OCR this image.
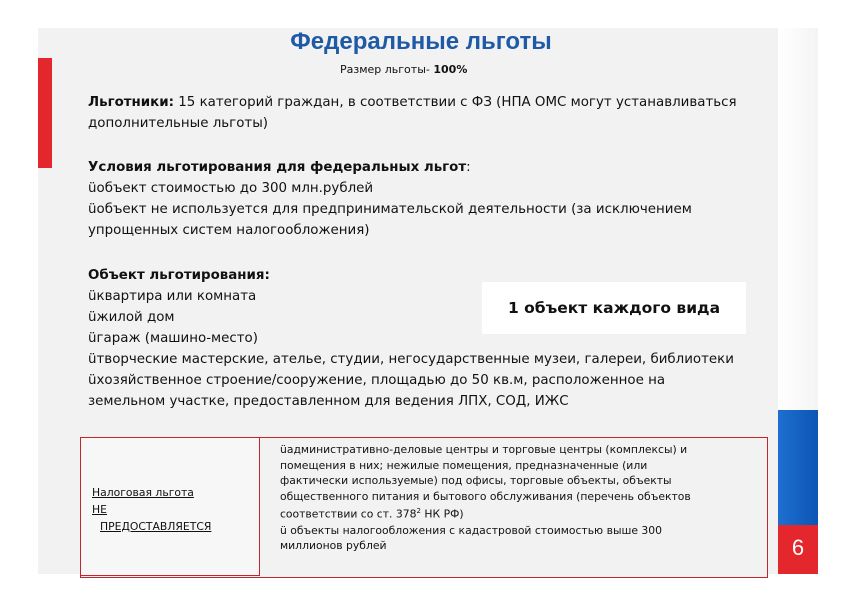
6
Федеральные льготы
Размер льготы- 100%
Льготники: 15 категорий граждан, в соответствии с ФЗ (НПА ОМС могут устанавливаться
дополнительные льготы)
Условия льготирования для федеральных льгот:
üобъект стоимостью до 300 млн.рублей
üобъект не используется для предпринимательской деятельности (за исключением
упрощенных систем налогообложения)
Объект льготирования:
üквартира или комната
üжилой дом
üгараж (машино-место)
üтворческие мастерские, ателье, студии, негосударственные музеи, галереи, библиотеки
üхозяйственное строение/сооружение, площадью до 50 кв.м, расположенное на
земельном участке, предоставленном для ведения ЛПХ, СОД, ИЖС
1 объект каждого вида
Налоговая льгота
НЕ
ПРЕДОСТАВЛЯЕТСЯ
üадминистративно-деловые центры и торговые центры (комплексы) и
помещения в них; нежилые помещения, предназначенные (или
фактически используемые) под офисы, торговые объекты, объекты
общественного питания и бытового обслуживания (перечень объектов
соответствии со ст. $378^2$ НК РФ)
ü объекты налогообложения с кадастровой стоимостью выше 300
миллионов рублей
